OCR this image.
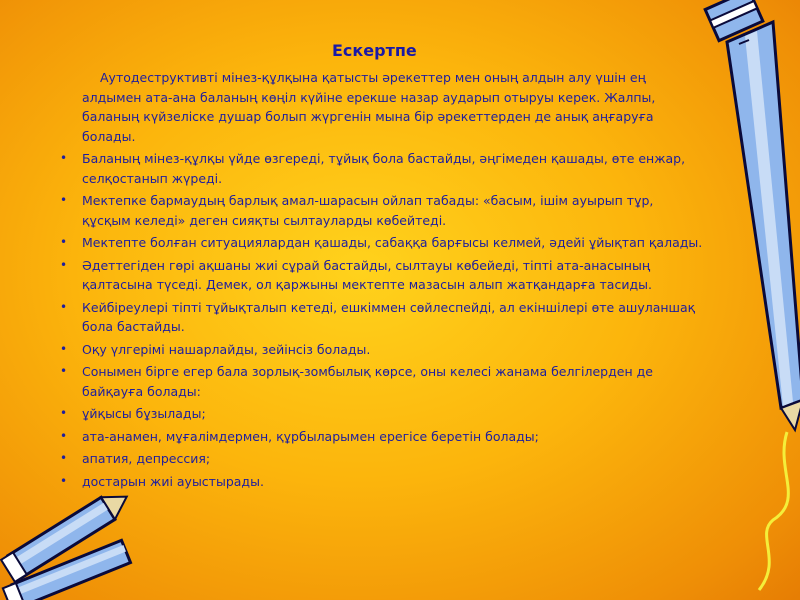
Ескертпе

Аутодеструктивті мінез-құлқына қатысты әрекеттер мен оның алдын алу үшін ең алдымен ата-ана баланың көңіл күйіне ерекше назар аударып отыруы керек. Жалпы, баланың күйзеліске душар болып жүргенін мына бір әрекеттерден де анық аңғаруға болады.

• Баланың мінез-құлқы үйде өзгереді, тұйық бола бастайды, әңгімеден қашады, өте енжар, селқостанып жүреді.
• Мектепке бармаудың барлық амал-шарасын ойлап табады: «басым, ішім ауырып тұр, құсқым келеді» деген сияқты сылтауларды көбейтеді.
• Мектепте болған ситуациялардан қашады, сабаққа барғысы келмей, әдейі ұйықтап қалады.
• Әдеттегіден гөрі ақшаны жиі сұрай бастайды, сылтауы көбейеді, тіпті ата-анасының қалтасына түседі. Демек, ол қаржыны мектепте мазасын алып жатқандарға тасиды.
• Кейбіреулері тіпті тұйықталып кетеді, ешкіммен сөйлеспейді, ал екіншілері өте ашуланшақ бола бастайды.
• Оқу үлгерімі нашарлайды, зейінсіз болады.
• Сонымен бірге егер бала зорлық-зомбылық көрсе, оны келесі жанама белгілерден де байқауға болады:
• ұйқысы бұзылады;
• ата-анамен, мұғалімдермен, құрбыларымен ерегісе беретін болады;
• апатия, депрессия;
• достарын жиі ауыстырады.
